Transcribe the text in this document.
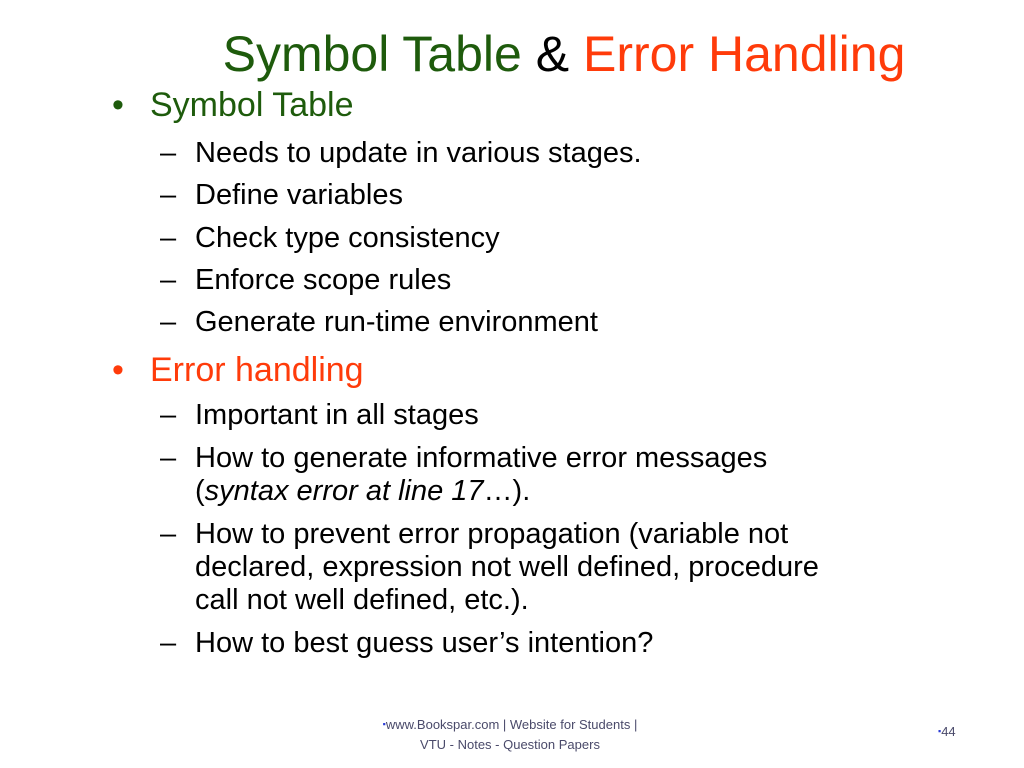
Symbol Table & Error Handling
• Symbol Table
– Needs to update in various stages.
– Define variables
– Check type consistency
– Enforce scope rules
– Generate run-time environment
• Error handling
– Important in all stages
– How to generate informative error messages
(syntax error at line 17…).
– How to prevent error propagation (variable not
declared, expression not well defined, procedure
call not well defined, etc.).
– How to best guess user’s intention?
▪www.Bookspar.com | Website for Students |
VTU - Notes - Question Papers
▪44
